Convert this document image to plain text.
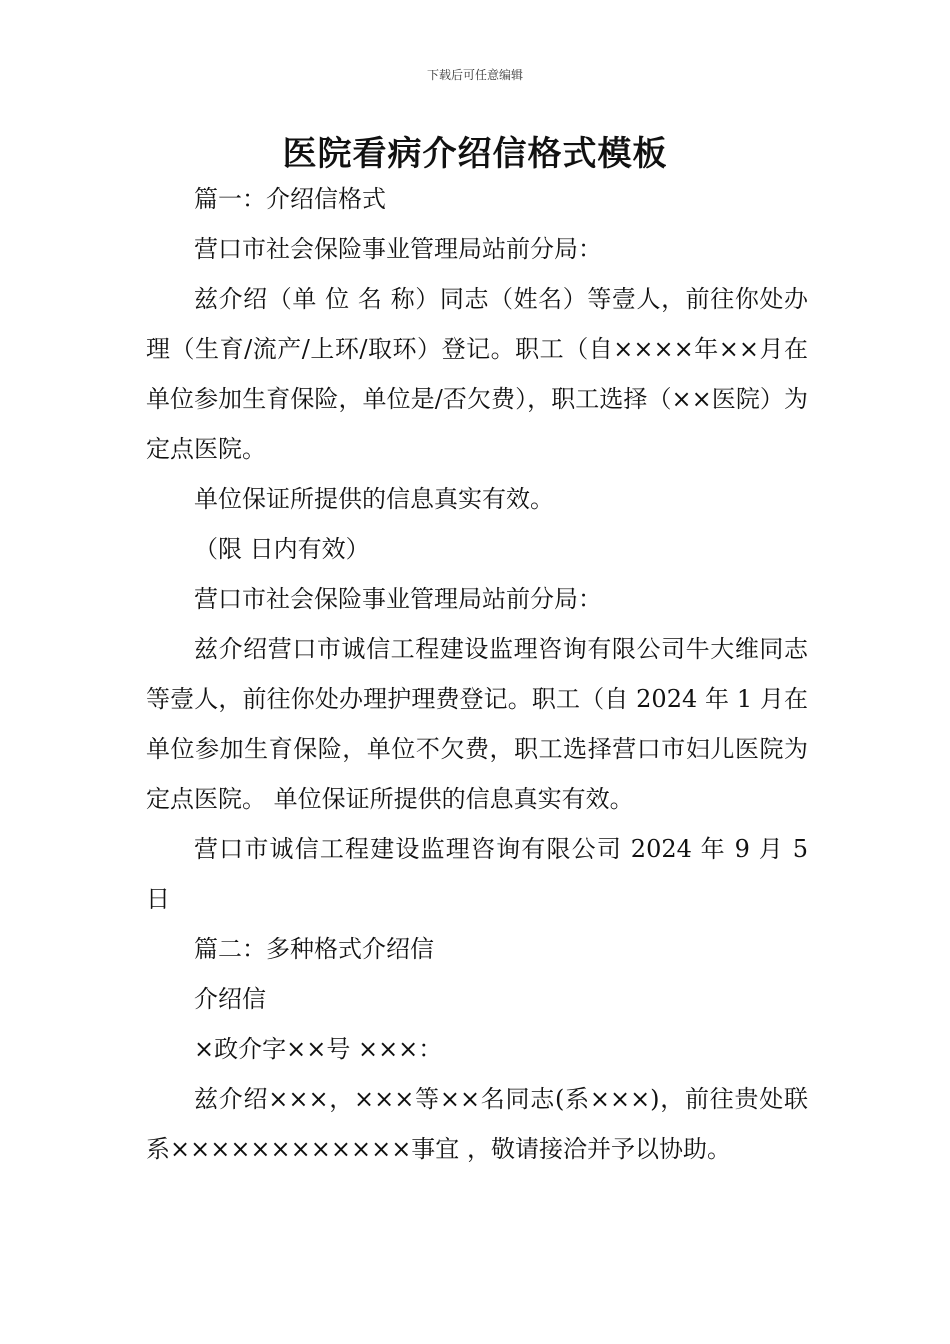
下载后可任意编辑
医院看病介绍信格式模板

篇一：介绍信格式

营口市社会保险事业管理局站前分局：

兹介绍（单 位 名 称）同志（姓名）等壹人，前往你处办理（生育/流产/上环/取环）登记。职工（自××××年××月在单位参加生育保险，单位是/否欠费），职工选择（××医院）为定点医院。

单位保证所提供的信息真实有效。

（限 日内有效）

营口市社会保险事业管理局站前分局：

兹介绍营口市诚信工程建设监理咨询有限公司牛大维同志等壹人，前往你处办理护理费登记。职工（自 2024 年 1 月在单位参加生育保险，单位不欠费，职工选择营口市妇儿医院为定点医院。 单位保证所提供的信息真实有效。

营口市诚信工程建设监理咨询有限公司 2024 年 9 月 5 日

篇二：多种格式介绍信

介绍信

×政介字××号 ×××：

兹介绍×××，×××等××名同志(系×××)，前往贵处联系××××××××××××事宜 ，敬请接洽并予以协助。
